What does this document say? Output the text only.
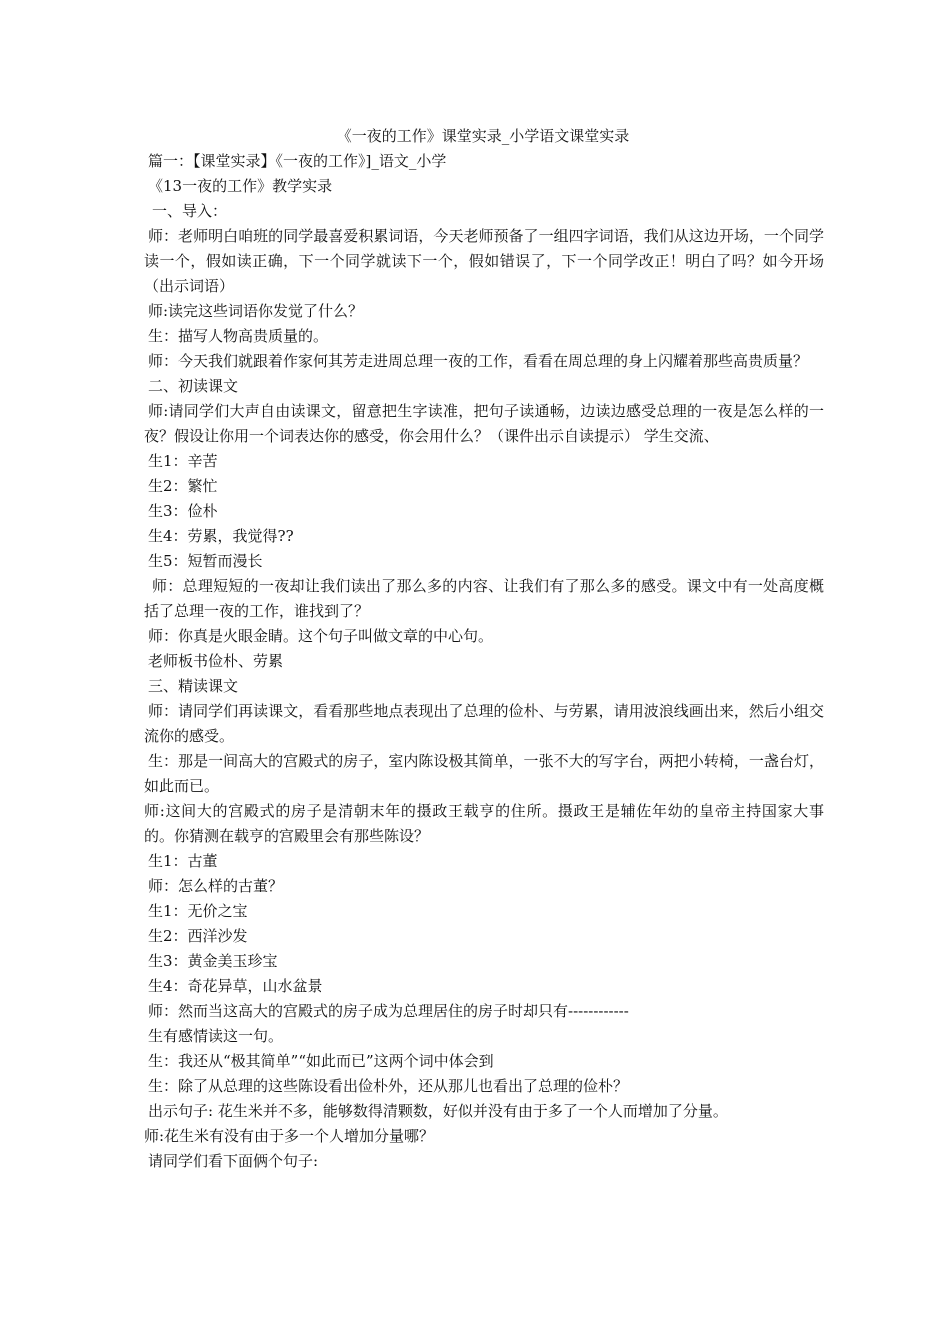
《一夜的工作》课堂实录_小学语文课堂实录

篇一：【课堂实录】《一夜的工作》]_语文_小学

《13一夜的工作》教学实录

一、导入：

师：老师明白咱班的同学最喜爱积累词语，今天老师预备了一组四字词语，我们从这边开场，一个同学读一个，假如读正确，下一个同学就读下一个，假如错误了，下一个同学改正！明白了吗？如今开场（出示词语）

师:读完这些词语你发觉了什么？

生：描写人物高贵质量的。

师：今天我们就跟着作家何其芳走进周总理一夜的工作，看看在周总理的身上闪耀着那些高贵质量？

二、初读课文

师:请同学们大声自由读课文，留意把生字读准，把句子读通畅，边读边感受总理的一夜是怎么样的一夜？假设让你用一个词表达你的感受，你会用什么？（课件出示自读提示） 学生交流、

生1：辛苦

生2：繁忙

生3：俭朴

生4：劳累，我觉得??

生5：短暂而漫长

师：总理短短的一夜却让我们读出了那么多的内容、让我们有了那么多的感受。课文中有一处高度概括了总理一夜的工作，谁找到了？

师：你真是火眼金睛。这个句子叫做文章的中心句。

老师板书俭朴、劳累

三、精读课文

师：请同学们再读课文，看看那些地点表现出了总理的俭朴、与劳累，请用波浪线画出来，然后小组交流你的感受。

生：那是一间高大的宫殿式的房子，室内陈设极其简单，一张不大的写字台，两把小转椅，一盏台灯，如此而已。

师:这间大的宫殿式的房子是清朝末年的摄政王载亨的住所。摄政王是辅佐年幼的皇帝主持国家大事的。你猜测在载亨的宫殿里会有那些陈设？

生1：古董

师：怎么样的古董？

生1：无价之宝

生2：西洋沙发

生3：黄金美玉珍宝

生4：奇花异草，山水盆景

师：然而当这高大的宫殿式的房子成为总理居住的房子时却只有------------

生有感情读这一句。

生：我还从“极其简单”“如此而已”这两个词中体会到

生：除了从总理的这些陈设看出俭朴外，还从那儿也看出了总理的俭朴？

出示句子: 花生米并不多，能够数得清颗数，好似并没有由于多了一个人而增加了分量。

师:花生米有没有由于多一个人增加分量哪？

请同学们看下面俩个句子:
